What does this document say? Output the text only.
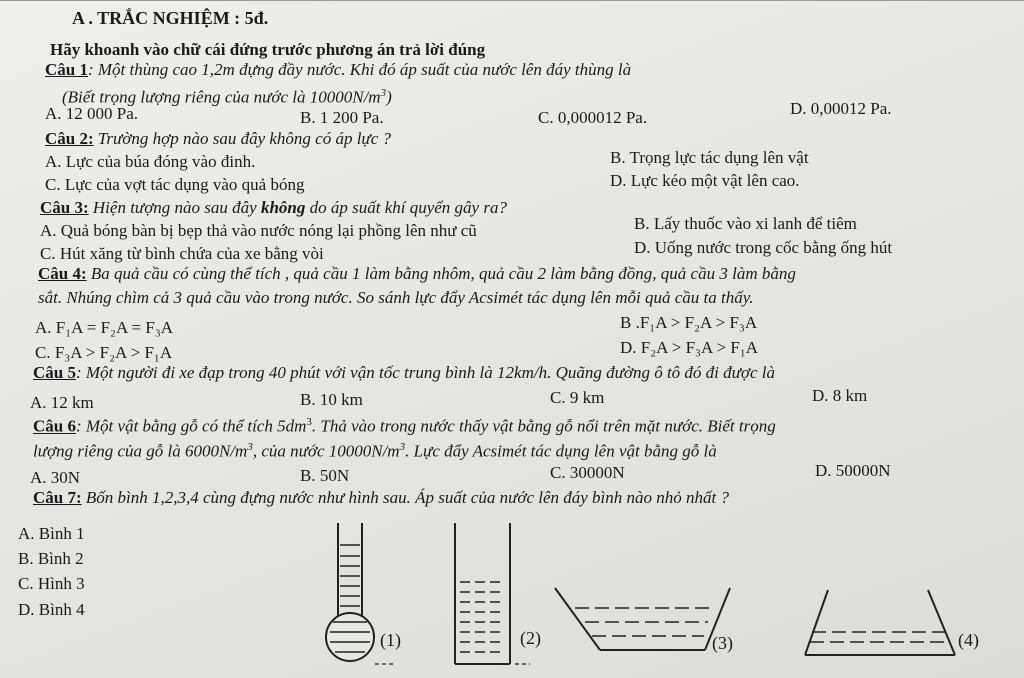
A . TRẮC NGHIỆM : 5đ.
Hãy khoanh vào chữ cái đứng trước phương án trả lời đúng
Câu 1: Một thùng cao 1,2m đựng đầy nước. Khi đó áp suất của nước lên đáy thùng là
(Biết trọng lượng riêng của nước là $10000N/m^3$)
A. 12 000 Pa.	B. 1 200 Pa.	C. 0,000012 Pa.	D. 0,00012 Pa.
Câu 2: Trường hợp nào sau đây không có áp lực ?
A. Lực của búa đóng vào đinh.	B. Trọng lực tác dụng lên vật
C. Lực của vợt tác dụng vào quả bóng	D. Lực kéo một vật lên cao.
Câu 3: Hiện tượng nào sau đây không do áp suất khí quyển gây ra?
A. Quả bóng bàn bị bẹp thả vào nước nóng lại phồng lên như cũ	B. Lấy thuốc vào xi lanh để tiêm
C. Hút xăng từ bình chứa của xe bằng vòi	D. Uống nước trong cốc bằng ống hút
Câu 4: Ba quả cầu có cùng thể tích , quả cầu 1 làm bằng nhôm, quả cầu 2 làm bằng đồng, quả cầu 3 làm bằng
sắt. Nhúng chìm cả 3 quả cầu vào trong nước. So sánh lực đẩy Acsimét tác dụng lên mỗi quả cầu ta thấy.
A. F₁A = F₂A = F₃A	B .F₁A > F₂A > F₃A
C. F₃A > F₂A > F₁A	D. F₂A > F₃A > F₁A
Câu 5: Một người đi xe đạp trong 40 phút với vận tốc trung bình là 12km/h. Quãng đường ô tô đó đi được là
A. 12 km	B. 10 km	C. 9 km	D. 8 km
Câu 6: Một vật bằng gỗ có thể tích $5dm^3$. Thả vào trong nước thấy vật bằng gỗ nổi trên mặt nước. Biết trọng
lượng riêng của gỗ là $6000N/m^3$, của nước $10000N/m^3$. Lực đẩy Acsimét tác dụng lên vật bằng gỗ là
A. 30N	B. 50N	C. 30000N	D. 50000N
Câu 7: Bốn bình 1,2,3,4 cùng đựng nước như hình sau. Áp suất của nước lên đáy bình nào nhỏ nhất ?
A. Bình 1
B. Bình 2
C. Hình 3
D. Bình 4
(1)	(2)	(3)	(4)
